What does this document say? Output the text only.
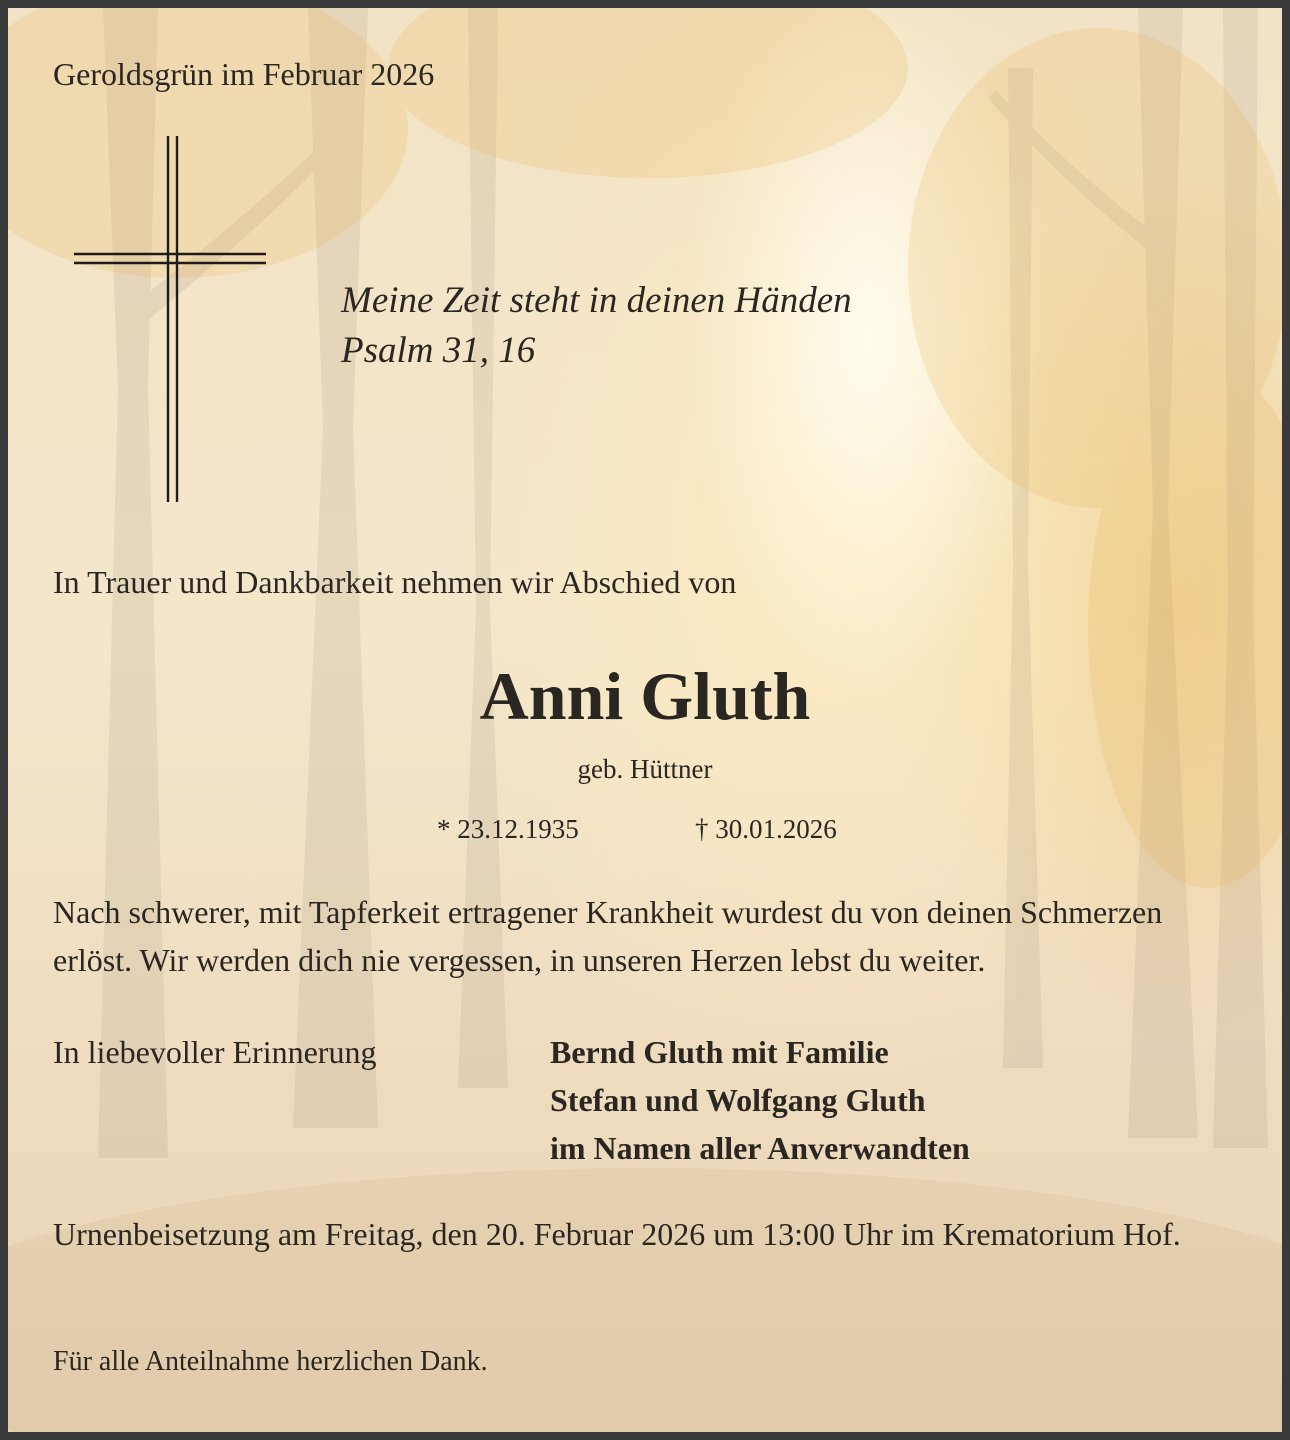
Geroldsgrün im Februar 2026

Meine Zeit steht in deinen Händen
Psalm 31, 16

In Trauer und Dankbarkeit nehmen wir Abschied von

Anni Gluth
geb. Hüttner
* 23.12.1935	† 30.01.2026

Nach schwerer, mit Tapferkeit ertragener Krankheit wurdest du von deinen Schmerzen erlöst. Wir werden dich nie vergessen, in unseren Herzen lebst du weiter.

In liebevoller Erinnerung	Bernd Gluth mit Familie
Stefan und Wolfgang Gluth
im Namen aller Anverwandten

Urnenbeisetzung am Freitag, den 20. Februar 2026 um 13:00 Uhr im Krematorium Hof.

Für alle Anteilnahme herzlichen Dank.
